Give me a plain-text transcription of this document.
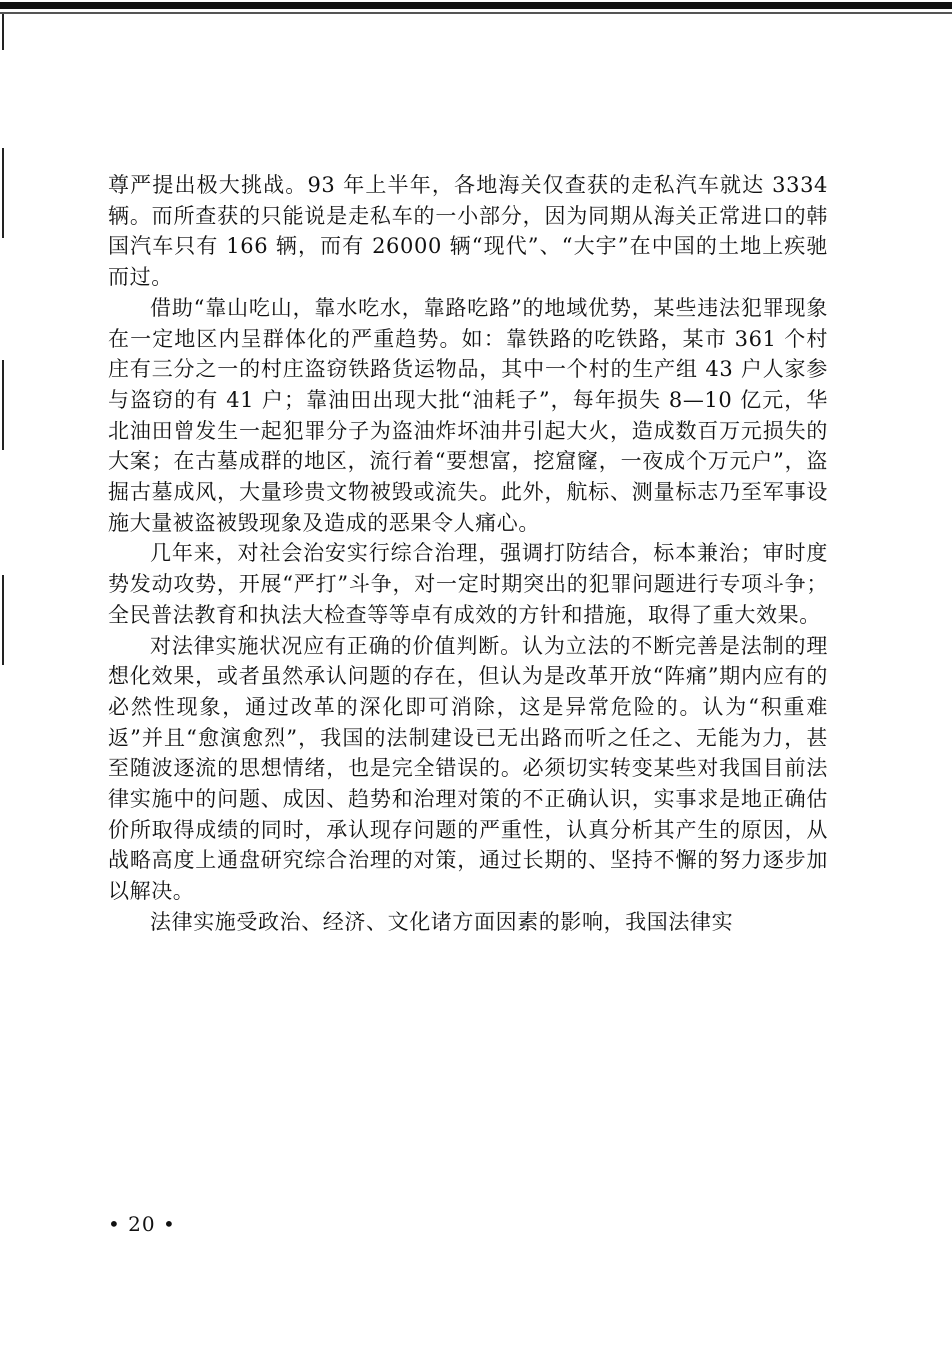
尊严提出极大挑战。93 年上半年，各地海关仅查获的走私汽车就达 3334 辆。而所查获的只能说是走私车的一小部分，因为同期从海关正常进口的韩国汽车只有 166 辆，而有 26000 辆“现代”、“大宇”在中国的土地上疾驰而过。

借助“靠山吃山，靠水吃水，靠路吃路”的地域优势，某些违法犯罪现象在一定地区内呈群体化的严重趋势。如：靠铁路的吃铁路，某市 361 个村庄有三分之一的村庄盗窃铁路货运物品，其中一个村的生产组 43 户人家参与盗窃的有 41 户；靠油田出现大批“油耗子”，每年损失 8—10 亿元，华北油田曾发生一起犯罪分子为盗油炸坏油井引起大火，造成数百万元损失的大案；在古墓成群的地区，流行着“要想富，挖窟窿，一夜成个万元户”，盗掘古墓成风，大量珍贵文物被毁或流失。此外，航标、测量标志乃至军事设施大量被盗被毁现象及造成的恶果令人痛心。

几年来，对社会治安实行综合治理，强调打防结合，标本兼治；审时度势发动攻势，开展“严打”斗争，对一定时期突出的犯罪问题进行专项斗争；全民普法教育和执法大检查等等卓有成效的方针和措施，取得了重大效果。

对法律实施状况应有正确的价值判断。认为立法的不断完善是法制的理想化效果，或者虽然承认问题的存在，但认为是改革开放“阵痛”期内应有的必然性现象，通过改革的深化即可消除，这是异常危险的。认为“积重难返”并且“愈演愈烈”，我国的法制建设已无出路而听之任之、无能为力，甚至随波逐流的思想情绪，也是完全错误的。必须切实转变某些对我国目前法律实施中的问题、成因、趋势和治理对策的不正确认识，实事求是地正确估价所取得成绩的同时，承认现存问题的严重性，认真分析其产生的原因，从战略高度上通盘研究综合治理的对策，通过长期的、坚持不懈的努力逐步加以解决。

法律实施受政治、经济、文化诸方面因素的影响，我国法律实

• 20 •
